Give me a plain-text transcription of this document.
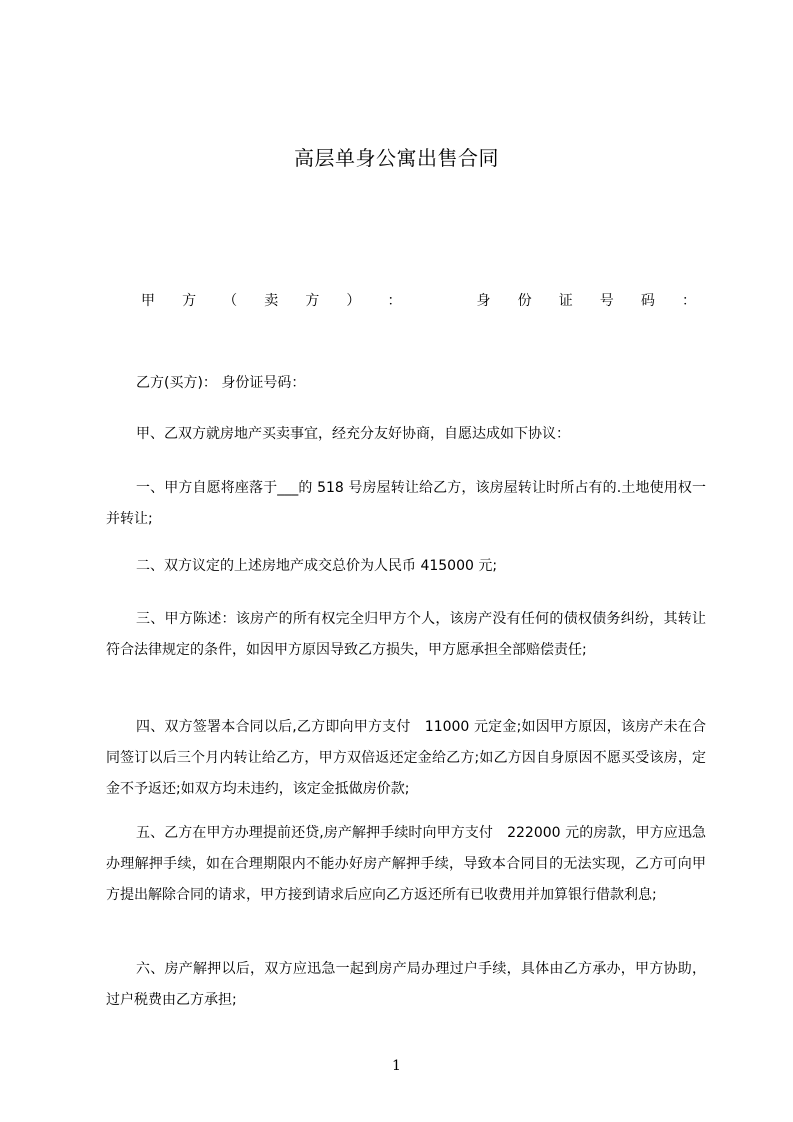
高层单身公寓出售合同
甲 方 （ 卖 方 ） ：	身 份 证 号 码 ：

乙方(买方)： 身份证号码：

甲、乙双方就房地产买卖事宜，经充分友好协商，自愿达成如下协议：

一、甲方自愿将座落于___的 518 号房屋转让给乙方，该房屋转让时所占有的.土地使用权一并转让;

二、双方议定的上述房地产成交总价为人民币 415000 元;

三、甲方陈述：该房产的所有权完全归甲方个人，该房产没有任何的债权债务纠纷，其转让符合法律规定的条件，如因甲方原因导致乙方损失，甲方愿承担全部赔偿责任;

四、双方签署本合同以后,乙方即向甲方支付　11000 元定金;如因甲方原因，该房产未在合同签订以后三个月内转让给乙方，甲方双倍返还定金给乙方;如乙方因自身原因不愿买受该房，定金不予返还;如双方均未违约，该定金抵做房价款;

五、乙方在甲方办理提前还贷,房产解押手续时向甲方支付　222000 元的房款，甲方应迅急办理解押手续，如在合理期限内不能办好房产解押手续，导致本合同目的无法实现，乙方可向甲方提出解除合同的请求，甲方接到请求后应向乙方返还所有已收费用并加算银行借款利息;

六、房产解押以后，双方应迅急一起到房产局办理过户手续，具体由乙方承办，甲方协助，过户税费由乙方承担;

1
